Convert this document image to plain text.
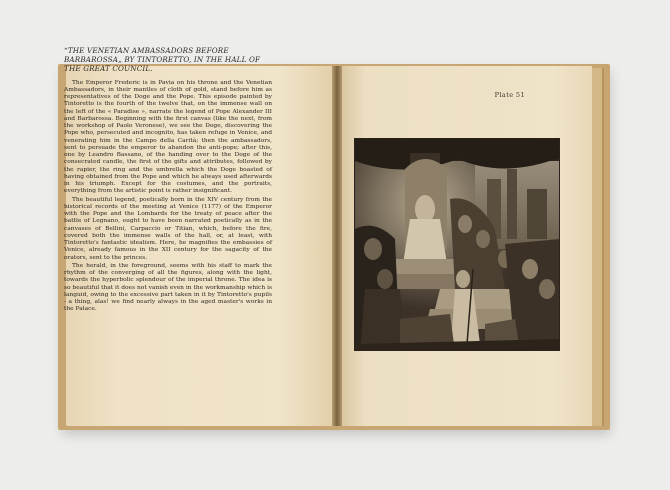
“THE VENETIAN AMBASSADORS BEFORE BARBAROSSA„ BY TINTORETTO, IN THE HALL OF THE GREAT COUNCIL.

The Emperor Frederic is in Pavia on his throne and the Venetian Ambassadors, in their mantles of cloth of gold, stand before him as representatives of the Doge and the Pope. This episode painted by Tintoretto is the fourth of the twelve that, on the immense wall on the left of the « Paradise », narrate the legend of Pope Alexander III and Barbarossa. Beginning with the first canvas (like the next, from the workshop of Paolo Veronese), we see the Doge, discovering the Pope who, persecuted and incognito, has taken refuge in Venice, and venerating him in the Campo della Carità; then the ambassadors, sent to persuade the emperor to abandon the anti-pope; after this, one by Leandro Bassano, of the handing over to the Doge of the consecrated candle, the first of the gifts and attributes, followed by the rapier, the ring and the umbrella which the Doge boasted of having obtained from the Pope and which he always used afterwards in his triumph. Except for the costumes, and the portraits, everything from the artistic point is rather insignificant.

The beautiful legend, poetically born in the XIV century from the historical records of the meeting at Venice (1177) of the Emperor with the Pope and the Lombards for the treaty of peace after the battle of Legnano, ought to have been narrated poetically as in the canvases of Bellini, Carpaccio or Titian, which, before the fire, covered both the immense walls of the hall, or, at least, with Tintoretto's fantastic idealism. Here, he magnifies the embassies of Venice, already famous in the XII century for the sagacity of the orators, sent to the princes.

The herald, in the foreground, seems with his staff to mark the rhythm of the converging of all the figures, along with the light, towards the hyperbolic splendour of the imperial throne. The idea is so beautiful that it does not vanish even in the workmanship which is languid, owing to the excessive part taken in it by Tintoretto's pupils - a thing, alas! we find nearly always in the aged master's works in the Palace.

Plate 51
